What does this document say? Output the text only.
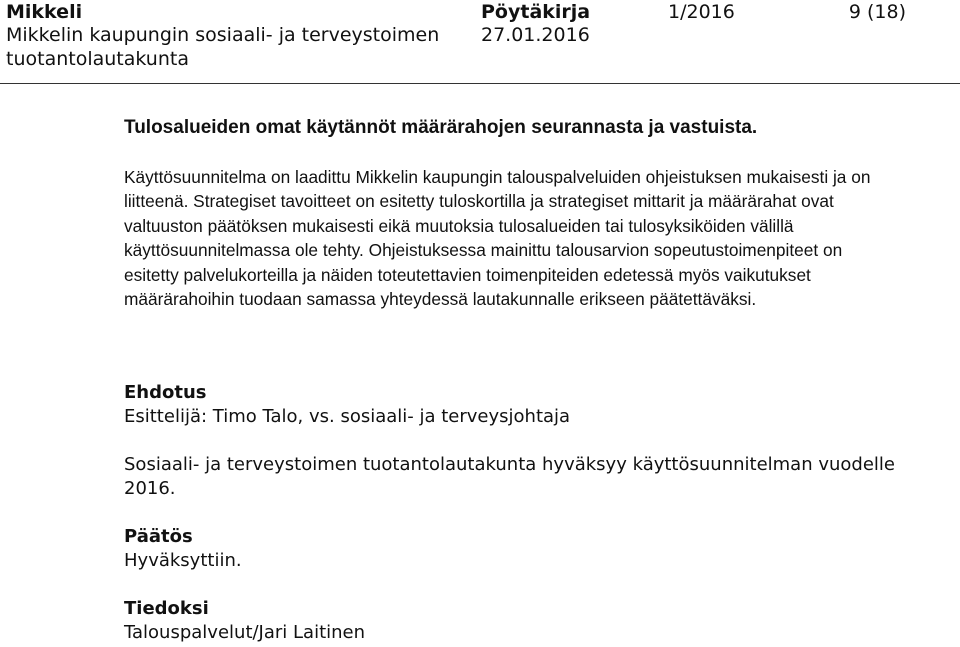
Mikkeli
Mikkelin kaupungin sosiaali- ja terveystoimen tuotantolautakunta
Pöytäkirja
27.01.2016
1/2016	9 (18)

Tulosalueiden omat käytännöt määrärahojen seurannasta ja vastuista.

Käyttösuunnitelma on laadittu Mikkelin kaupungin talouspalveluiden ohjeistuksen mukaisesti ja on liitteenä. Strategiset tavoitteet on esitetty tuloskortilla ja strategiset mittarit ja määrärahat ovat valtuuston päätöksen mukaisesti eikä muutoksia tulosalueiden tai tulosyksiköiden välillä käyttösuunnitelmassa ole tehty. Ohjeistuksessa mainittu talousarvion sopeutustoimenpiteet on esitetty palvelukorteilla ja näiden toteutettavien toimenpiteiden edetessä myös vaikutukset määrärahoihin tuodaan samassa yhteydessä lautakunnalle erikseen päätettäväksi.

Ehdotus

Esittelijä: Timo Talo, vs. sosiaali- ja terveysjohtaja

Sosiaali- ja terveystoimen tuotantolautakunta hyväksyy käyttösuunnitelman vuodelle 2016.

Päätös

Hyväksyttiin.

Tiedoksi

Talouspalvelut/Jari Laitinen
